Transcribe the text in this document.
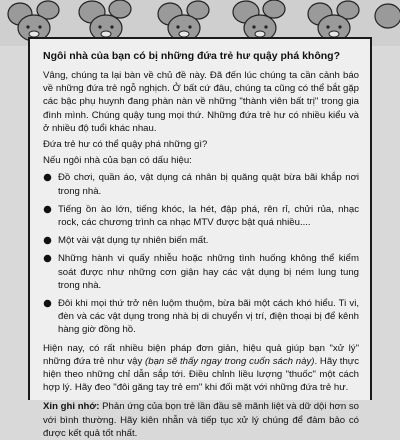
Ngôi nhà của bạn có bị những đứa trẻ hư quậy phá không?

Vâng, chúng ta lại bàn về chủ đề này. Đã đến lúc chúng ta cần cảnh báo về những đứa trẻ ngỗ nghịch. Ở bất cứ đâu, chúng ta cũng có thể bắt gặp các bậc phụ huynh đang phàn nàn về những "thành viên bất trị" trong gia đình mình. Chúng quậy tung mọi thứ. Những đứa trẻ hư có nhiều kiểu và ở nhiều độ tuổi khác nhau.

Đứa trẻ hư có thể quậy phá những gì?

Nếu ngôi nhà của bạn có dấu hiệu:

Đồ chơi, quần áo, vật dụng cá nhân bị quăng quật bừa bãi khắp nơi trong nhà.
Tiếng ồn ào lớn, tiếng khóc, la hét, đập phá, rên rỉ, chửi rủa, nhạc rock, các chương trình ca nhạc MTV được bật quá nhiều....
Một vài vật dụng tự nhiên biến mất.
Những hành vi quấy nhiễu hoặc những tình huống không thể kiểm soát được như những cơn giận hay các vật dụng bị ném lung tung trong nhà.
Đôi khi mọi thứ trở nên luộm thuộm, bừa bãi một cách khó hiểu. Ti vi, đèn và các vật dụng trong nhà bị di chuyển vị trí, điện thoại bị để kênh hàng giờ đồng hồ.

Hiện nay, có rất nhiều biện pháp đơn giản, hiệu quả giúp bạn "xử lý" những đứa trẻ như vậy (bạn sẽ thấy ngay trong cuốn sách này). Hãy thực hiện theo những chỉ dẫn sắp tới. Điều chỉnh liều lượng "thuốc" một cách hợp lý. Hãy đeo "đôi găng tay trẻ em" khi đối mặt với những đứa trẻ hư.

Xin ghi nhớ: Phản ứng của bọn trẻ lần đầu sẽ mãnh liệt và dữ dội hơn so với bình thường. Hãy kiên nhẫn và tiếp tục xử lý chúng để đảm bảo có được kết quả tốt nhất.
